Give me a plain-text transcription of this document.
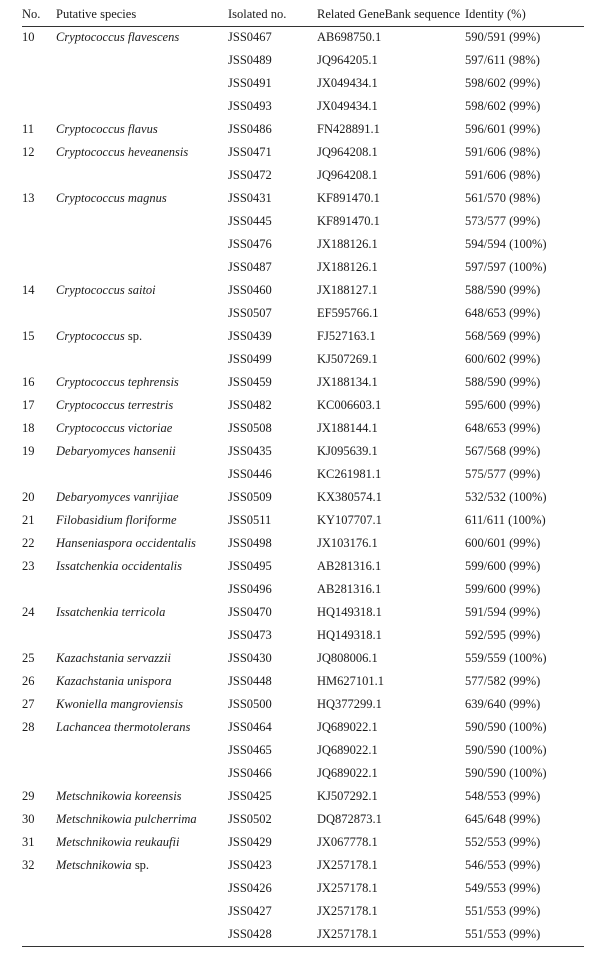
No.	Putative species	Isolated no.	Related GeneBank sequence	Identity (%)
10	Cryptococcus flavescens	JSS0467	AB698750.1	590/591 (99%)
		JSS0489	JQ964205.1	597/611 (98%)
		JSS0491	JX049434.1	598/602 (99%)
		JSS0493	JX049434.1	598/602 (99%)
11	Cryptococcus flavus	JSS0486	FN428891.1	596/601 (99%)
12	Cryptococcus heveanensis	JSS0471	JQ964208.1	591/606 (98%)
		JSS0472	JQ964208.1	591/606 (98%)
13	Cryptococcus magnus	JSS0431	KF891470.1	561/570 (98%)
		JSS0445	KF891470.1	573/577 (99%)
		JSS0476	JX188126.1	594/594 (100%)
		JSS0487	JX188126.1	597/597 (100%)
14	Cryptococcus saitoi	JSS0460	JX188127.1	588/590 (99%)
		JSS0507	EF595766.1	648/653 (99%)
15	Cryptococcus sp.	JSS0439	FJ527163.1	568/569 (99%)
		JSS0499	KJ507269.1	600/602 (99%)
16	Cryptococcus tephrensis	JSS0459	JX188134.1	588/590 (99%)
17	Cryptococcus terrestris	JSS0482	KC006603.1	595/600 (99%)
18	Cryptococcus victoriae	JSS0508	JX188144.1	648/653 (99%)
19	Debaryomyces hansenii	JSS0435	KJ095639.1	567/568 (99%)
		JSS0446	KC261981.1	575/577 (99%)
20	Debaryomyces vanrijiae	JSS0509	KX380574.1	532/532 (100%)
21	Filobasidium floriforme	JSS0511	KY107707.1	611/611 (100%)
22	Hanseniaspora occidentalis	JSS0498	JX103176.1	600/601 (99%)
23	Issatchenkia occidentalis	JSS0495	AB281316.1	599/600 (99%)
		JSS0496	AB281316.1	599/600 (99%)
24	Issatchenkia terricola	JSS0470	HQ149318.1	591/594 (99%)
		JSS0473	HQ149318.1	592/595 (99%)
25	Kazachstania servazzii	JSS0430	JQ808006.1	559/559 (100%)
26	Kazachstania unispora	JSS0448	HM627101.1	577/582 (99%)
27	Kwoniella mangroviensis	JSS0500	HQ377299.1	639/640 (99%)
28	Lachancea thermotolerans	JSS0464	JQ689022.1	590/590 (100%)
		JSS0465	JQ689022.1	590/590 (100%)
		JSS0466	JQ689022.1	590/590 (100%)
29	Metschnikowia koreensis	JSS0425	KJ507292.1	548/553 (99%)
30	Metschnikowia pulcherrima	JSS0502	DQ872873.1	645/648 (99%)
31	Metschnikowia reukaufii	JSS0429	JX067778.1	552/553 (99%)
32	Metschnikowia sp.	JSS0423	JX257178.1	546/553 (99%)
		JSS0426	JX257178.1	549/553 (99%)
		JSS0427	JX257178.1	551/553 (99%)
		JSS0428	JX257178.1	551/553 (99%)
